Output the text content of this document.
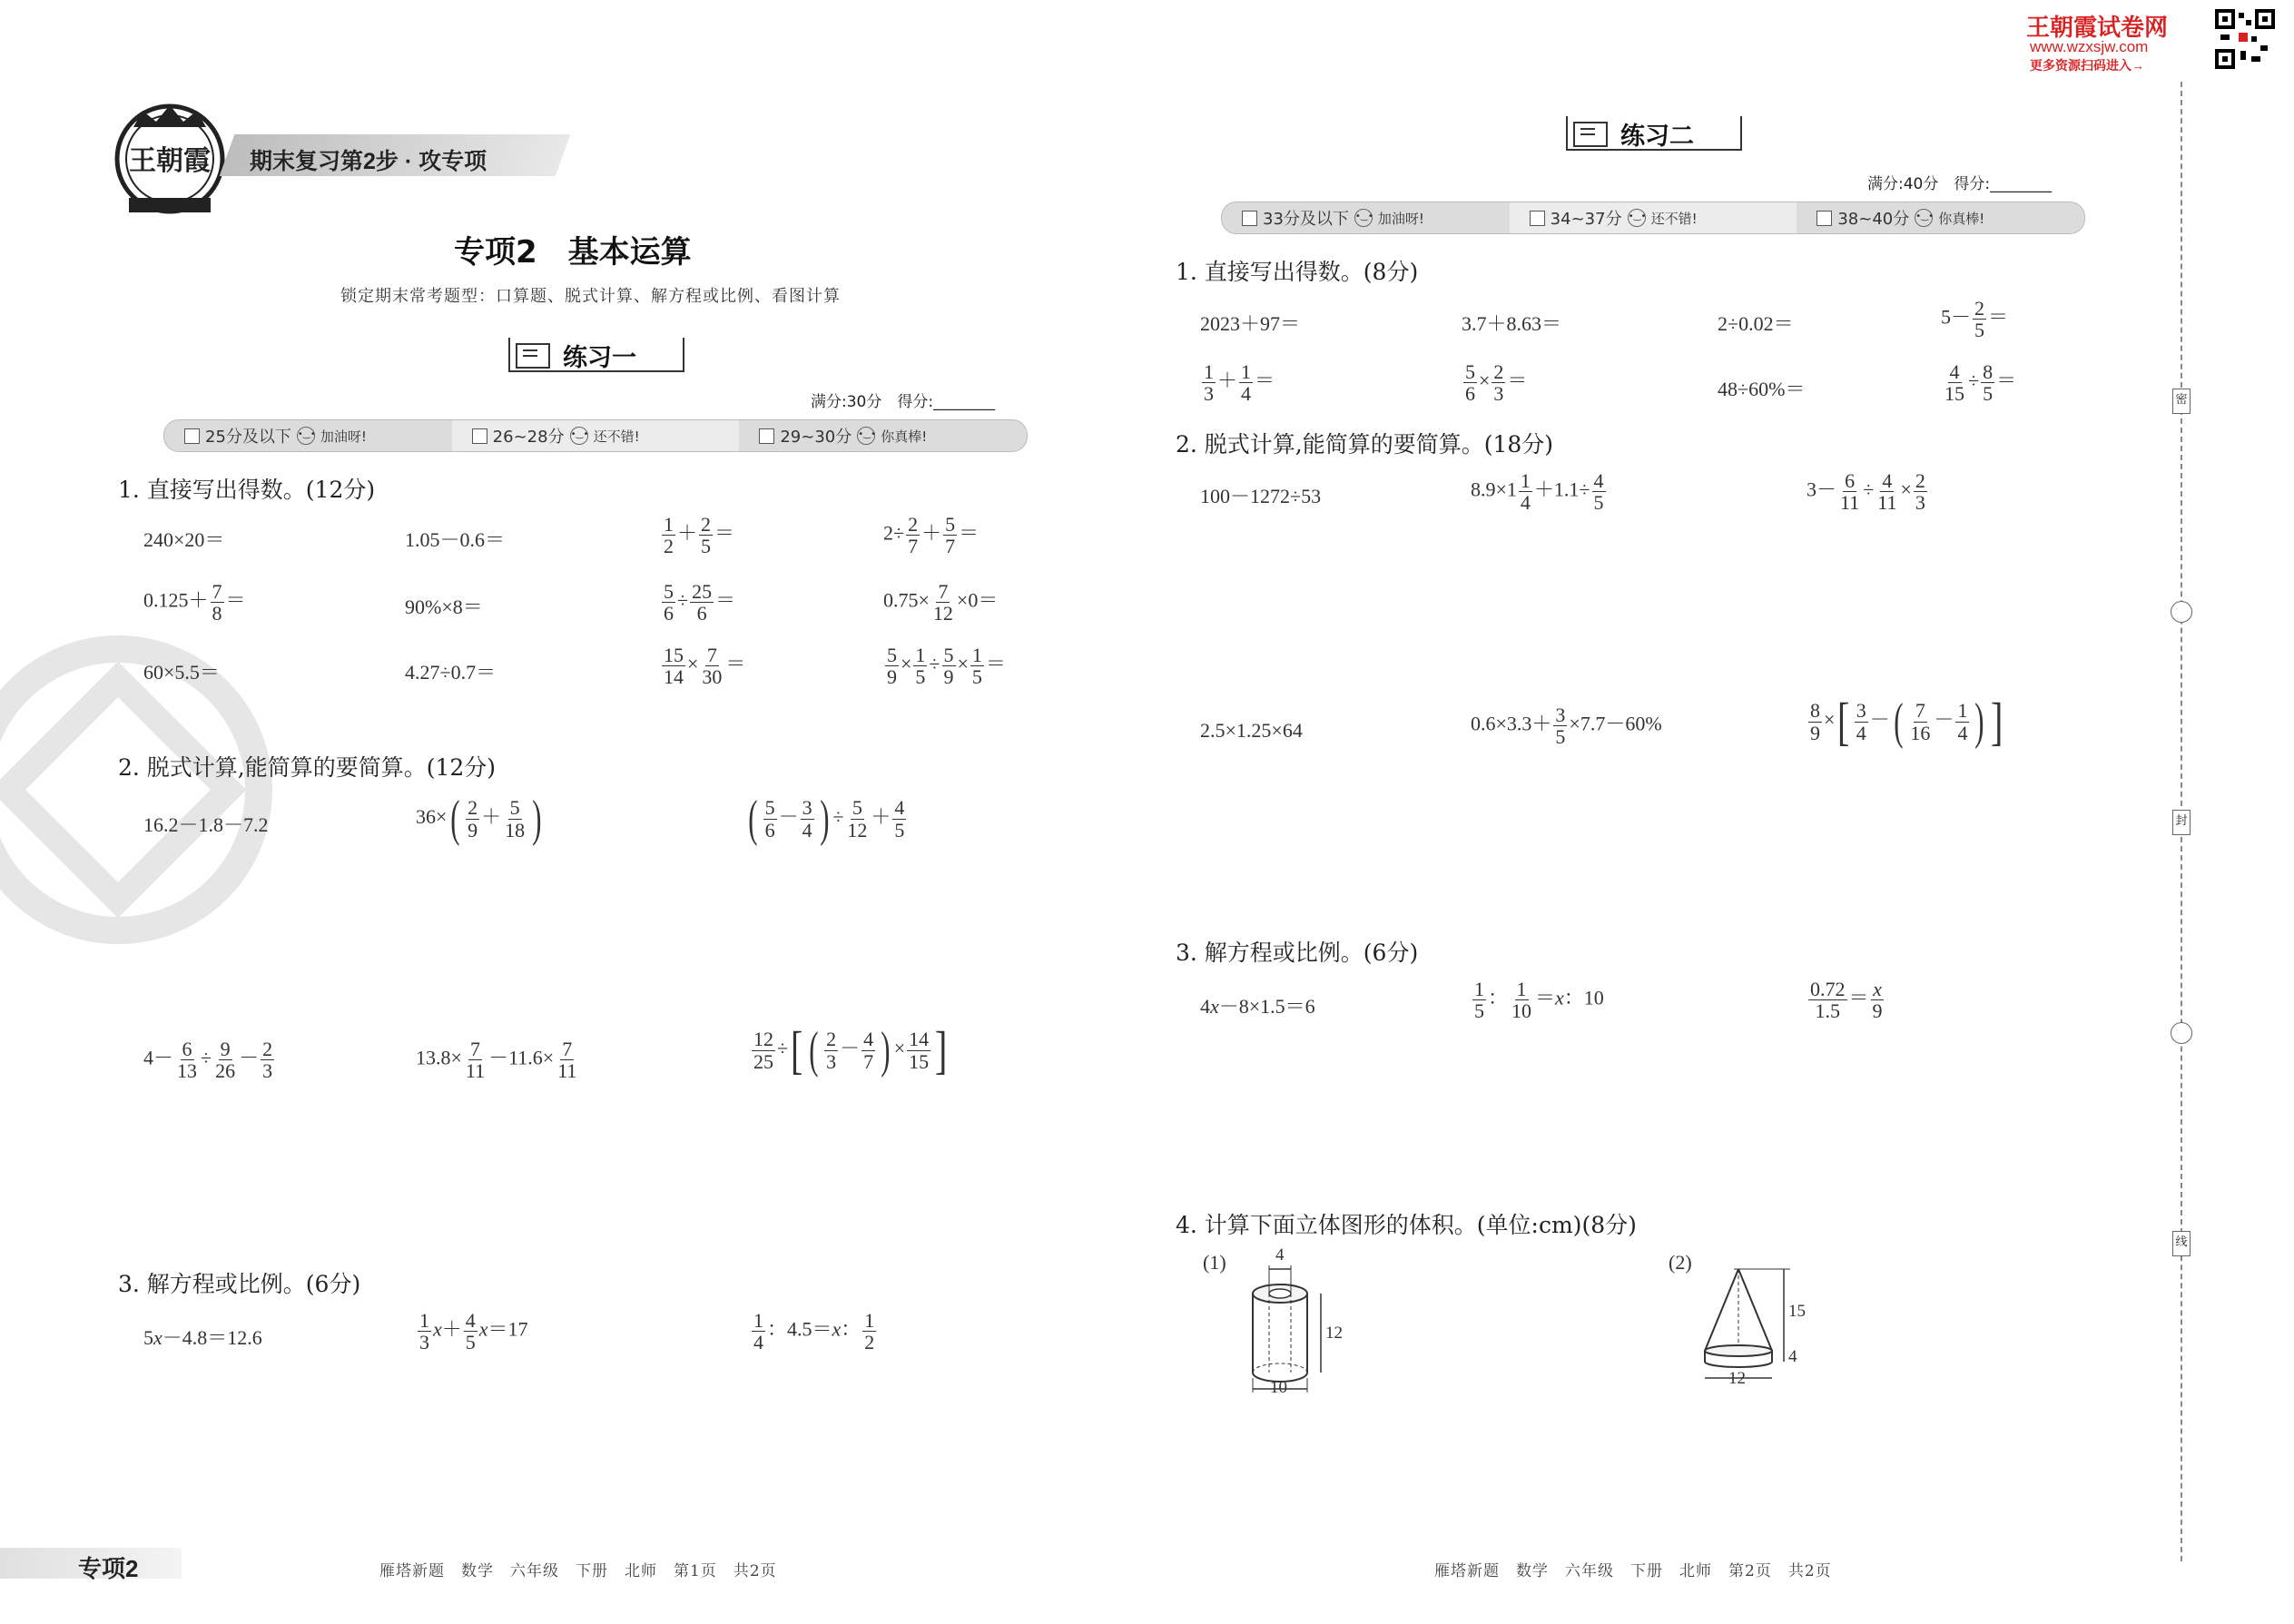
王朝霞 期末复习第2步 · 攻专项
王朝霞试卷网
www.wzxsjw.com
更多资源扫码进入→
专项2　基本运算
锁定期末常考题型：口算题、脱式计算、解方程或比例、看图计算
练习一
满分:30分　得分:________
25分及以下 •‿• 加油呀!	26~28分 •‿• 还不错!	29~30分 •‿• 你真棒!
1. 直接写出得数。(12分)
240×20＝	1.05－0.6＝	$\frac{1}{2} + \frac{2}{5}$ ＝	$2\div \frac{2}{7} + \frac{5}{7}$ ＝
$0.125+ \frac{7}{8}$ ＝	90%×8＝	$\frac{5}{6} \div \frac{25}{6}$ ＝	$0.75\times \frac{7}{12} \times 0=$
60×5.5＝	4.27÷0.7＝	$\frac{15}{14} \times \frac{7}{30}$ ＝	$\frac{5}{9} \times \frac{1}{5} \div \frac{5}{9} \times \frac{1}{5}$ ＝
2. 脱式计算,能简算的要简算。(12分)
16.2－1.8－7.2	$36\times( \frac{2}{9} + \frac{5}{18}$ )	( $\frac{5}{6} - \frac{3}{4}$ ) ÷ $\frac{5}{12} + \frac{4}{5}$
$4- \frac{6}{13} \div \frac{9}{26} - \frac{2}{3}$	$13.8\times \frac{7}{11} -11.6\times \frac{7}{11}$	$\frac{12}{25}$ ÷[ ( $\frac{2}{3} - \frac{4}{7}$ ) × $\frac{14}{15}$ ]
3. 解方程或比例。(6分)
5x－4.8＝12.6	$\frac{1}{3} x+ \frac{4}{5} x=17$	$\frac{1}{4}$ ：4.5＝x： $\frac{1}{2}$
专项2	雁塔新题　数学　六年级　下册　北师　第1页　共2页
练习二
满分:40分　得分:________
33分及以下 •‿• 加油呀!	34~37分 •‿• 还不错!	38~40分 •‿• 你真棒!
1. 直接写出得数。(8分)
2023＋97＝	3.7＋8.63＝	2÷0.02＝	$5- \frac{2}{5}$ ＝
$\frac{1}{3} + \frac{1}{4}$ ＝	$\frac{5}{6} \times \frac{2}{3}$ ＝	48÷60%＝	$\frac{4}{15} \div \frac{8}{5}$ ＝
2. 脱式计算,能简算的要简算。(18分)
100－1272÷53	$8.9\times 1 \frac{1}{4} +1.1\div \frac{4}{5}$	$3- \frac{6}{11} \div \frac{4}{11} \times \frac{2}{3}$
2.5×1.25×64	$0.6\times 3.3+ \frac{3}{5} \times 7.7-60\%$	$\frac{8}{9}$ ×[ $\frac{3}{4}$ －( $\frac{7}{16} - \frac{1}{4}$ ) ]
3. 解方程或比例。(6分)
4x－8×1.5＝6	$\frac{1}{5}$ ： $\frac{1}{10} =x$：10	$\frac{0.72}{1.5} = \frac{x}{9}$
4. 计算下面立体图形的体积。(单位:cm)(8分)
(1)	(2)
4
12
10
15
4
12
雁塔新题　数学　六年级　下册　北师　第2页　共2页
密
封
线
